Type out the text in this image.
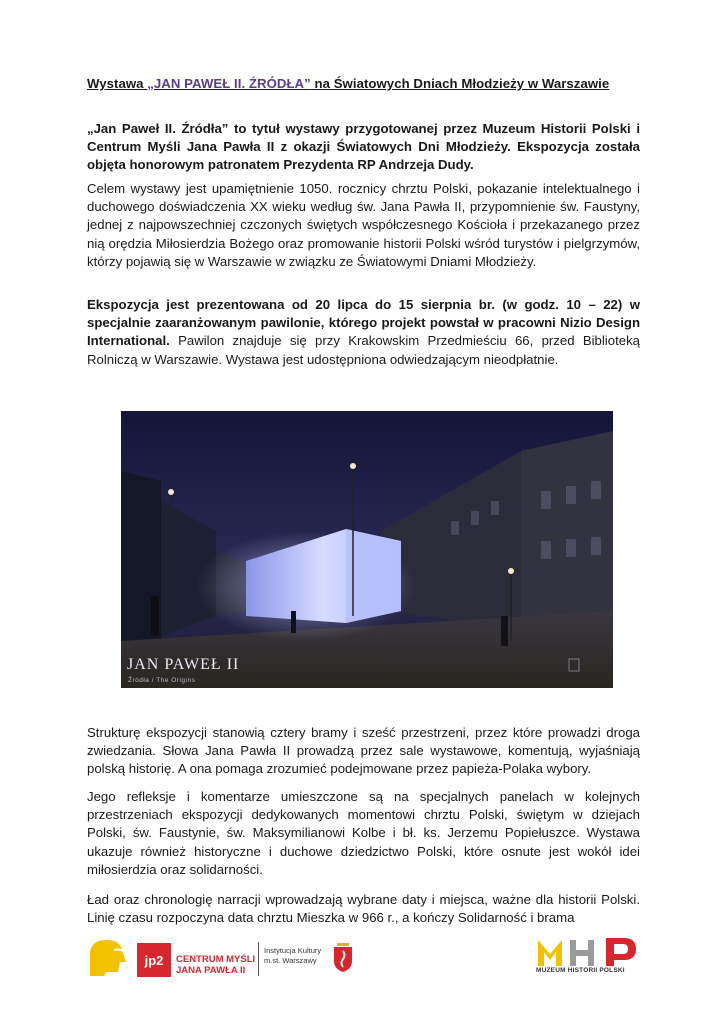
Wystawa „JAN PAWEŁ II. ŹRÓDŁA” na Światowych Dniach Młodzieży w Warszawie

„Jan Paweł II. Źródła” to tytuł wystawy przygotowanej przez Muzeum Historii Polski i Centrum Myśli Jana Pawła II z okazji Światowych Dni Młodzieży. Ekspozycja została objęta honorowym patronatem Prezydenta RP Andrzeja Dudy.

Celem wystawy jest upamiętnienie 1050. rocznicy chrztu Polski, pokazanie intelektualnego i duchowego doświadczenia XX wieku według św. Jana Pawła II, przypomnienie św. Faustyny, jednej z najpowszechniej czczonych świętych współczesnego Kościoła i przekazanego przez nią orędzia Miłosierdzia Bożego oraz promowanie historii Polski wśród turystów i pielgrzymów, którzy pojawią się w Warszawie w związku ze Światowymi Dniami Młodzieży.

Ekspozycja jest prezentowana od 20 lipca do 15 sierpnia br. (w godz. 10 – 22) w specjalnie zaaranżowanym pawilonie, którego projekt powstał w pracowni Nizio Design International. Pawilon znajduje się przy Krakowskim Przedmieściu 66, przed Biblioteką Rolniczą w Warszawie. Wystawa jest udostępniona odwiedzającym nieodpłatnie.

JAN PAWEŁ II
Źródła / The Origins

Strukturę ekspozycji stanowią cztery bramy i sześć przestrzeni, przez które prowadzi droga zwiedzania. Słowa Jana Pawła II prowadzą przez sale wystawowe, komentują, wyjaśniają polską historię. A ona pomaga zrozumieć podejmowane przez papieża-Polaka wybory.

Jego refleksje i komentarze umieszczone są na specjalnych panelach w kolejnych przestrzeniach ekspozycji dedykowanych momentowi chrztu Polski, świętym w dziejach Polski, św. Faustynie, św. Maksymilianowi Kolbe i bł. ks. Jerzemu Popiełuszce. Wystawa ukazuje również historyczne i duchowe dziedzictwo Polski, które osnute jest wokół idei miłosierdzia oraz solidarności.

Ład oraz chronologię narracji wprowadzają wybrane daty i miejsca, ważne dla historii Polski. Linię czasu rozpoczyna data chrztu Mieszka w 966 r., a kończy Solidarność i brama

jp2 CENTRUM MYŚLI
JANA PAWŁA II
Instytucja Kultury
m.st. Warszawy
MUZEUM HISTORII POLSKI
